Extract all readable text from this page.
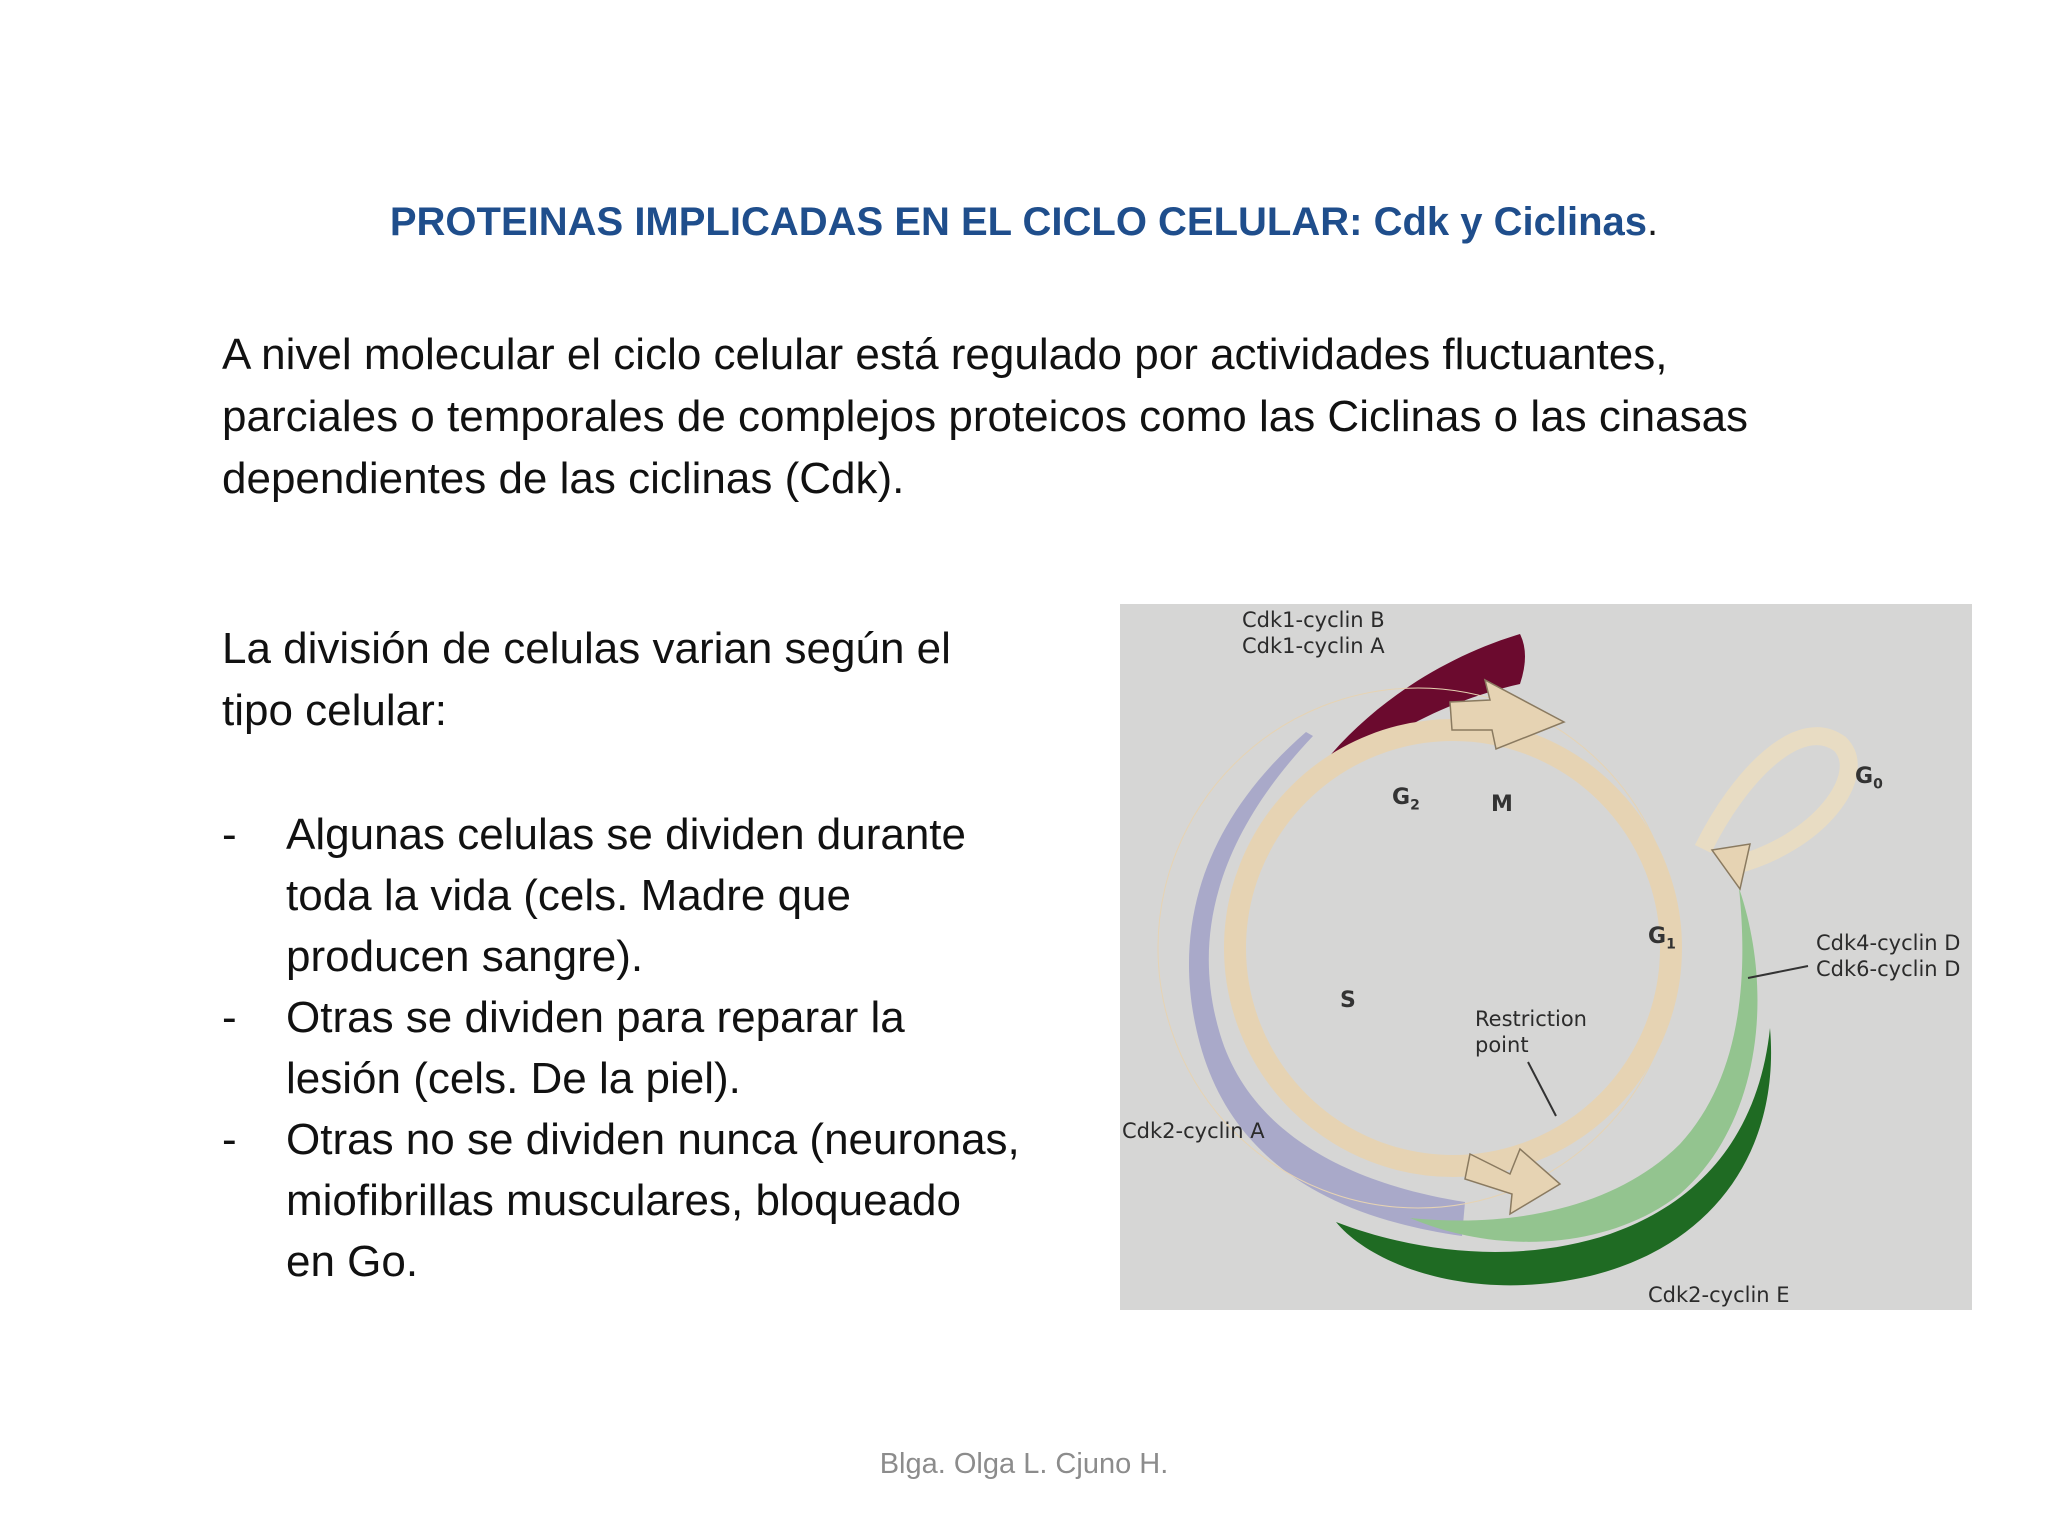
PROTEINAS IMPLICADAS EN EL CICLO CELULAR: Cdk y Ciclinas.
A nivel molecular el ciclo celular está regulado por actividades fluctuantes,
parciales o temporales de complejos proteicos como las Ciclinas o las cinasas
dependientes de las ciclinas (Cdk).
La división de celulas varian según el
tipo celular:
- Algunas celulas se dividen durante
toda la vida (cels. Madre que
producen sangre).
- Otras se dividen para reparar la
lesión (cels. De la piel).
- Otras no se dividen nunca (neuronas,
miofibrillas musculares, bloqueado
en Go.
Cdk1-cyclin B
Cdk1-cyclin A
$G_0$
$G_2$	M
$G_1$	Cdk4-cyclin D
Cdk6-cyclin D
S
Restriction
point
Cdk2-cyclin A
Cdk2-cyclin E
Blga. Olga L. Cjuno H.
